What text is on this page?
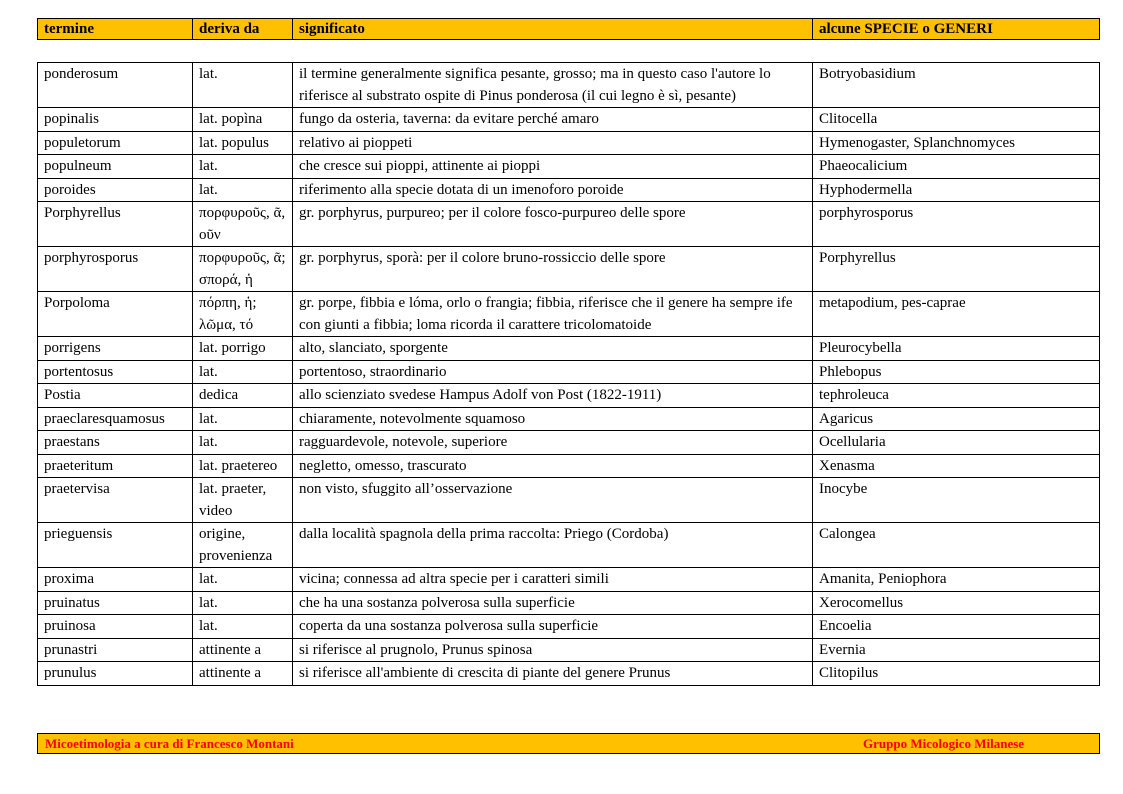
termine	deriva da	significato	alcune SPECIE o GENERI
ponderosum	lat.	il termine generalmente significa pesante, grosso; ma in questo caso l'autore lo riferisce al substrato ospite di Pinus ponderosa (il cui legno è sì, pesante)	Botryobasidium
popinalis	lat. popìna	fungo da osteria, taverna: da evitare perché amaro	Clitocella
populetorum	lat. populus	relativo ai pioppeti	Hymenogaster, Splanchnomyces
populneum	lat.	che cresce sui pioppi, attinente ai pioppi	Phaeocalicium
poroides	lat.	riferimento alla specie dotata di un imenoforo poroide	Hyphodermella
Porphyrellus	πορφυροῦς, ᾶ, οῦν	gr. porphyrus, purpureo; per il colore fosco-purpureo delle spore	porphyrosporus
porphyrosporus	πορφυροῦς, ᾶ; σπορά, ἡ	gr. porphyrus, sporà: per il colore bruno-rossiccio delle spore	Porphyrellus
Porpoloma	πόρπη, ἡ; λῶμα, τό	gr. porpe, fibbia e lóma, orlo o frangia; fibbia, riferisce che il genere ha sempre ife con giunti a fibbia; loma ricorda il carattere tricolomatoide	metapodium, pes-caprae
porrigens	lat. porrigo	alto, slanciato, sporgente	Pleurocybella
portentosus	lat.	portentoso, straordinario	Phlebopus
Postia	dedica	allo scienziato svedese Hampus Adolf von Post (1822-1911)	tephroleuca
praeclaresquamosus	lat.	chiaramente, notevolmente squamoso	Agaricus
praestans	lat.	ragguardevole, notevole, superiore	Ocellularia
praeteritum	lat. praetereo	negletto, omesso, trascurato	Xenasma
praetervisa	lat. praeter, video	non visto, sfuggito all’osservazione	Inocybe
prieguensis	origine, provenienza	dalla località spagnola della prima raccolta: Priego (Cordoba)	Calongea
proxima	lat.	vicina; connessa ad altra specie per i caratteri simili	Amanita, Peniophora
pruinatus	lat.	che ha una sostanza polverosa sulla superficie	Xerocomellus
pruinosa	lat.	coperta da una sostanza polverosa sulla superficie	Encoelia
prunastri	attinente a	si riferisce al prugnolo, Prunus spinosa	Evernia
prunulus	attinente a	si riferisce all'ambiente di crescita di piante del genere Prunus	Clitopilus
Micoetimologia a cura di Francesco Montani	Gruppo Micologico Milanese
